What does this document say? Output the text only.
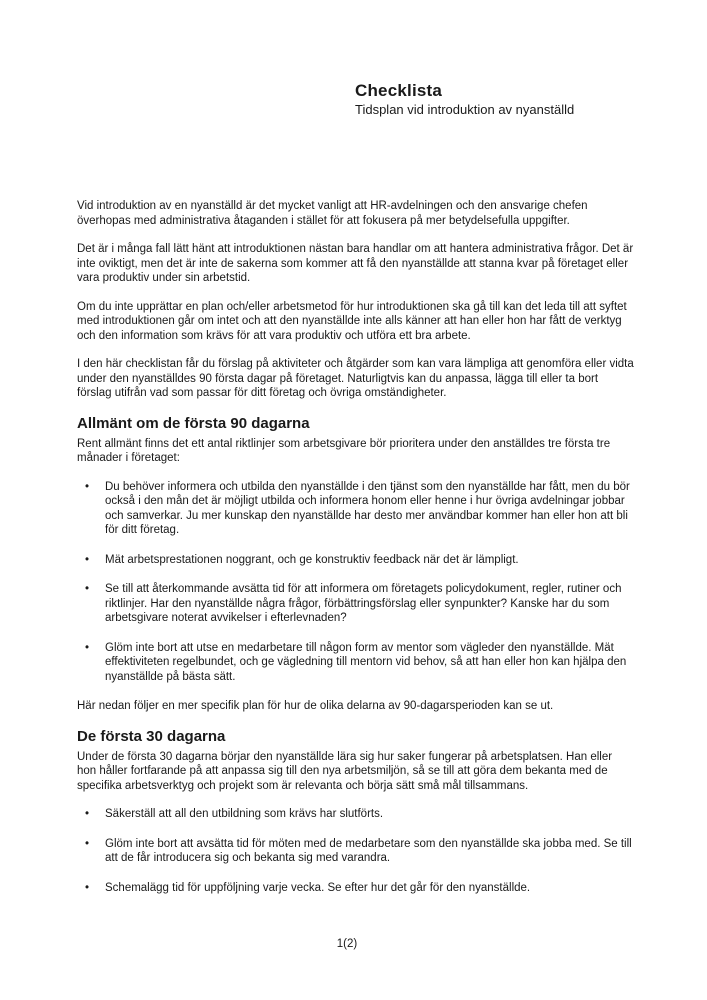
Checklista
Tidsplan vid introduktion av nyanställd

Vid introduktion av en nyanställd är det mycket vanligt att HR-avdelningen och den ansvarige chefen överhopas med administrativa åtaganden i stället för att fokusera på mer betydelsefulla uppgifter.

Det är i många fall lätt hänt att introduktionen nästan bara handlar om att hantera administrativa frågor. Det är inte oviktigt, men det är inte de sakerna som kommer att få den nyanställde att stanna kvar på företaget eller vara produktiv under sin arbetstid.

Om du inte upprättar en plan och/eller arbetsmetod för hur introduktionen ska gå till kan det leda till att syftet med introduktionen går om intet och att den nyanställde inte alls känner att han eller hon har fått de verktyg och den information som krävs för att vara produktiv och utföra ett bra arbete.

I den här checklistan får du förslag på aktiviteter och åtgärder som kan vara lämpliga att genomföra eller vidta under den nyanställdes 90 första dagar på företaget. Naturligtvis kan du anpassa, lägga till eller ta bort förslag utifrån vad som passar för ditt företag och övriga omständigheter.

Allmänt om de första 90 dagarna

Rent allmänt finns det ett antal riktlinjer som arbetsgivare bör prioritera under den anställdes tre första tre månader i företaget:

• Du behöver informera och utbilda den nyanställde i den tjänst som den nyanställde har fått, men du bör också i den mån det är möjligt utbilda och informera honom eller henne i hur övriga avdelningar jobbar och samverkar. Ju mer kunskap den nyanställde har desto mer användbar kommer han eller hon att bli för ditt företag.
• Mät arbetsprestationen noggrant, och ge konstruktiv feedback när det är lämpligt.
• Se till att återkommande avsätta tid för att informera om företagets policydokument, regler, rutiner och riktlinjer. Har den nyanställde några frågor, förbättringsförslag eller synpunkter? Kanske har du som arbetsgivare noterat avvikelser i efterlevnaden?
• Glöm inte bort att utse en medarbetare till någon form av mentor som vägleder den nyanställde. Mät effektiviteten regelbundet, och ge vägledning till mentorn vid behov, så att han eller hon kan hjälpa den nyanställde på bästa sätt.

Här nedan följer en mer specifik plan för hur de olika delarna av 90-dagarsperioden kan se ut.

De första 30 dagarna

Under de första 30 dagarna börjar den nyanställde lära sig hur saker fungerar på arbetsplatsen. Han eller hon håller fortfarande på att anpassa sig till den nya arbetsmiljön, så se till att göra dem bekanta med de specifika arbetsverktyg och projekt som är relevanta och börja sätt små mål tillsammans.

• Säkerställ att all den utbildning som krävs har slutförts.
• Glöm inte bort att avsätta tid för möten med de medarbetare som den nyanställde ska jobba med. Se till att de får introducera sig och bekanta sig med varandra.
• Schemalägg tid för uppföljning varje vecka. Se efter hur det går för den nyanställde.
1(2)
